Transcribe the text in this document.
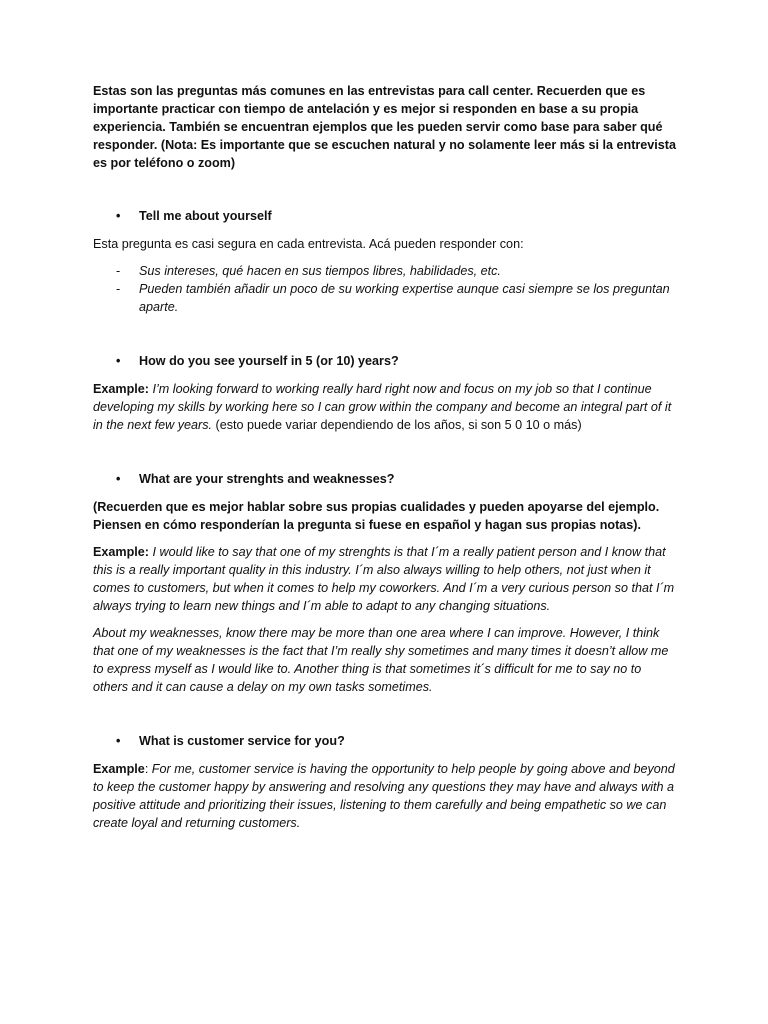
Estas son las preguntas más comunes en las entrevistas para call center. Recuerden que es importante practicar con tiempo de antelación y es mejor si responden en base a su propia experiencia. También se encuentran ejemplos que les pueden servir como base para saber qué responder. (Nota: Es importante que se escuchen natural y no solamente leer más si la entrevista es por teléfono o zoom)

• Tell me about yourself

Esta pregunta es casi segura en cada entrevista. Acá pueden responder con:

- Sus intereses, qué hacen en sus tiempos libres, habilidades, etc.
- Pueden también añadir un poco de su working expertise aunque casi siempre se los preguntan aparte.

• How do you see yourself in 5 (or 10) years?

Example: I’m looking forward to working really hard right now and focus on my job so that I continue developing my skills by working here so I can grow within the company and become an integral part of it in the next few years. (esto puede variar dependiendo de los años, si son 5 0 10 o más)

• What are your strenghts and weaknesses?

(Recuerden que es mejor hablar sobre sus propias cualidades y pueden apoyarse del ejemplo. Piensen en cómo responderían la pregunta si fuese en español y hagan sus propias notas).

Example: I would like to say that one of my strenghts is that I´m a really patient person and I know that this is a really important quality in this industry. I´m also always willing to help others, not just when it comes to customers, but when it comes to help my coworkers. And I´m a very curious person so that I´m always trying to learn new things and I´m able to adapt to any changing situations.

About my weaknesses, know there may be more than one area where I can improve. However, I think that one of my weaknesses is the fact that I’m really shy sometimes and many times it doesn’t allow me to express myself as I would like to. Another thing is that sometimes it´s difficult for me to say no to others and it can cause a delay on my own tasks sometimes.

• What is customer service for you?

Example: For me, customer service is having the opportunity to help people by going above and beyond to keep the customer happy by answering and resolving any questions they may have and always with a positive attitude and prioritizing their issues, listening to them carefully and being empathetic so we can create loyal and returning customers.
